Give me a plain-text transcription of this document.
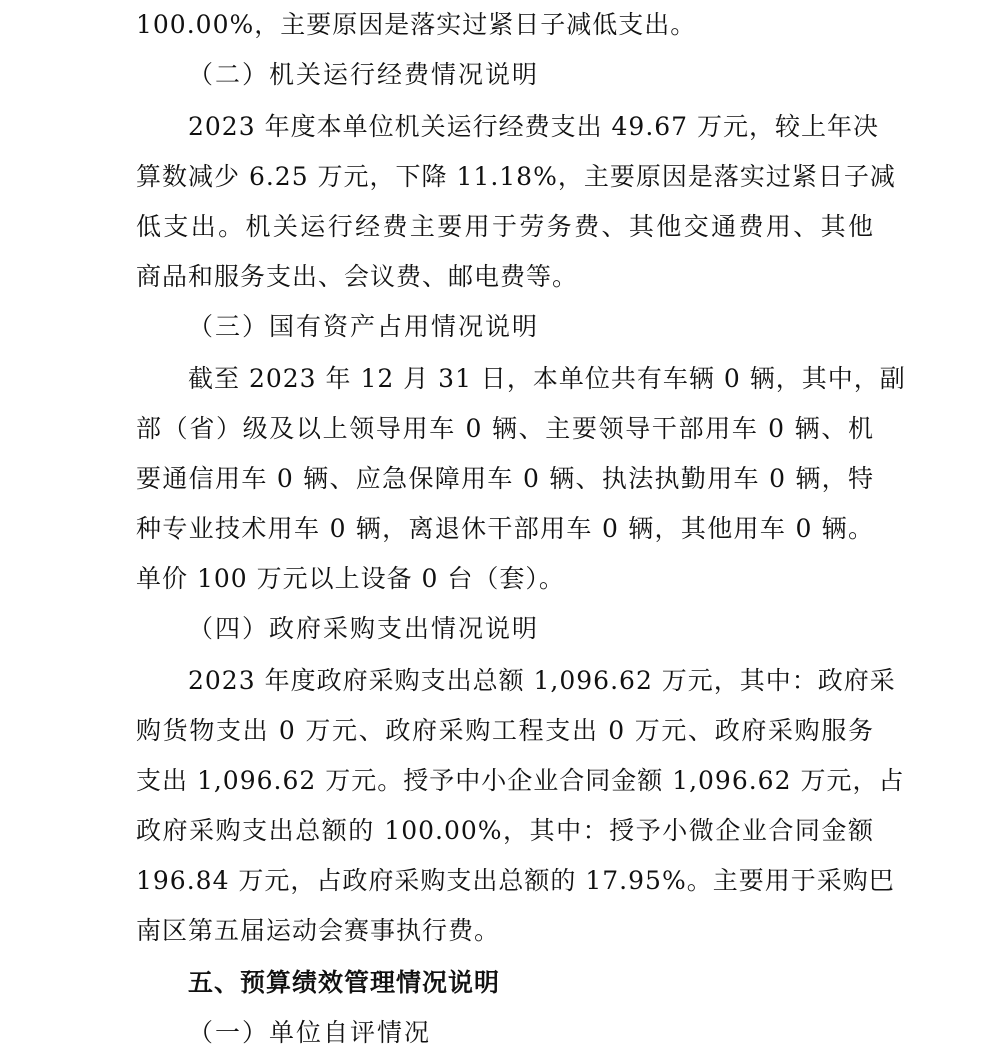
100.00%，主要原因是落实过紧日子减低支出。
（二）机关运行经费情况说明
2023 年度本单位机关运行经费支出 49.67 万元，较上年决
算数减少 6.25 万元，下降 11.18%，主要原因是落实过紧日子减
低支出。机关运行经费主要用于劳务费、其他交通费用、其他
商品和服务支出、会议费、邮电费等。
（三）国有资产占用情况说明
截至 2023 年 12 月 31 日，本单位共有车辆 0 辆，其中，副
部（省）级及以上领导用车 0 辆、主要领导干部用车 0 辆、机
要通信用车 0 辆、应急保障用车 0 辆、执法执勤用车 0 辆，特
种专业技术用车 0 辆，离退休干部用车 0 辆，其他用车 0 辆。
单价 100 万元以上设备 0 台（套）。
（四）政府采购支出情况说明
2023 年度政府采购支出总额 1,096.62 万元，其中：政府采
购货物支出 0 万元、政府采购工程支出 0 万元、政府采购服务
支出 1,096.62 万元。授予中小企业合同金额 1,096.62 万元，占
政府采购支出总额的 100.00%，其中：授予小微企业合同金额
196.84 万元，占政府采购支出总额的 17.95%。主要用于采购巴
南区第五届运动会赛事执行费。
五、预算绩效管理情况说明
（一）单位自评情况
